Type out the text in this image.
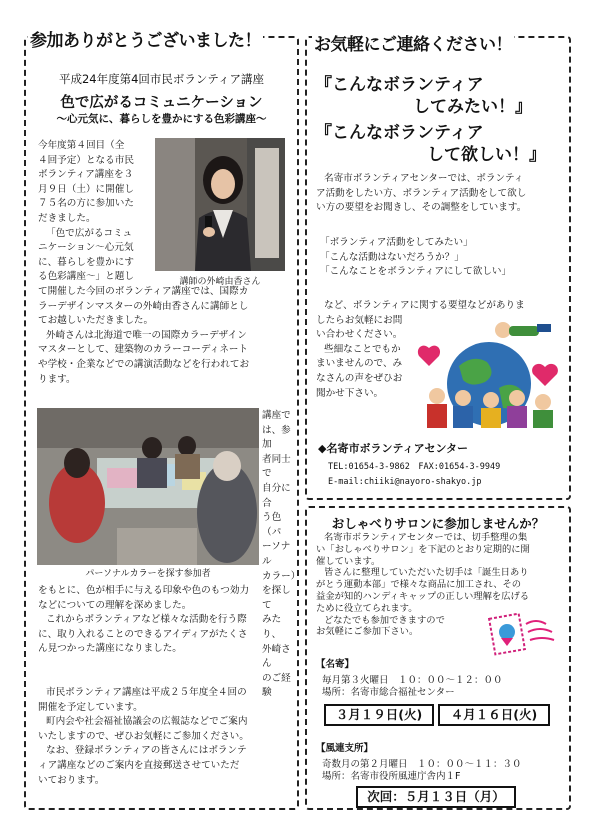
参加ありがとうございました！
平成24年度第4回市民ボランティア講座
色で広がるコミュニケーション
～心元気に、暮らしを豊かにする色彩講座～
今年度第４回目（全
４回予定）となる市民
ボランティア講座を３
月９日（土）に開催し
７５名の方に参加いた
だきました。
「色で広がるコミュ
ニケーション～心元気
に、暮らしを豊かにす
る色彩講座～」と題し	講師の外崎由香さん
て開催した今回のボランティア講座では、国際カ
ラーデザインマスターの外崎由香さんに講師とし
てお越しいただきました。
外崎さんは北海道で唯一の国際カラーデザイン
マスターとして、建築物のカラーコーディネート
や学校・企業などでの講演活動などを行われてお
ります。
パーソナルカラーを探す参加者
講座で
は、参加
者同士で
自分に合
う色（パ
ーソナル
カラー）
を探して
みたり、
外崎さん
のご経験
をもとに、色が相手に与える印象や色のもつ効力
などについての理解を深めました。
これからボランティアなど様々な活動を行う際
に、取り入れることのできるアイディアがたくさ
ん見つかった講座になりました。
市民ボランティア講座は平成２５年度全４回の
開催を予定しています。
町内会や社会福祉協議会の広報誌などでご案内
いたしますので、ぜひお気軽にご参加ください。
なお、登録ボランティアの皆さんにはボランテ
ィア講座などのご案内を直接郵送させていただ
いております。
お気軽にご連絡ください！
『こんなボランティア
してみたい！』
『こんなボランティア
して欲しい！』
名寄市ボランティアセンターでは、ボランティ
ア活動をしたい方、ボランティア活動をして欲し
い方の要望をお聞きし、その調整をしています。
「ボランティア活動をしてみたい」
「こんな活動はないだろうか？」
「こんなことをボランティアにして欲しい」
など、ボランティアに関する要望などがありま
したらお気軽にお問
い合わせください。
些細なことでもか
まいませんので、み
なさんの声をぜひお
聞かせ下さい。
◆名寄市ボランティアセンター
TEL:01654-3-9862　FAX:01654-3-9949
E-mail:chiiki@nayoro-shakyo.jp
おしゃべりサロンに参加しませんか？
名寄市ボランティアセンターでは、切手整理の集
い「おしゃべりサロン」を下記のとおり定期的に開
催しています。
皆さんに整理していただいた切手は「誕生日あり
がとう運動本部」で様々な商品に加工され、その
益金が知的ハンディキャップの正しい理解を広げる
ために役立てられます。
どなたでも参加できますので
お気軽にご参加下さい。
【名寄】
毎月第３火曜日　１０：００～１２：００
場所：名寄市総合福祉センター
３月１９日(火)	４月１６日(火)
【風連支所】
奇数月の第２月曜日　１０：００～１１：３０
場所：名寄市役所風連庁舎内１F
次回：５月１３日（月）
